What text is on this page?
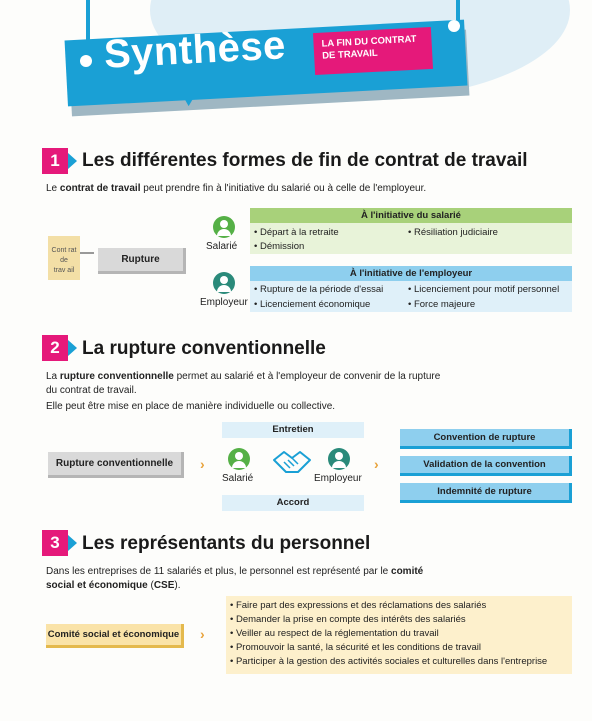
Synthèse	LA FIN DU CONTRAT
DE TRAVAIL
1	Les différentes formes de fin de contrat de travail
Le contrat de travail peut prendre fin à l'initiative du salarié ou à celle de l'employeur.
Cont rat
de
trav ail
Rupture
Salarié
Employeur
À l'initiative du salarié
• Départ à la retraite	• Résiliation judiciaire
• Démission
À l'initiative de l'employeur
• Rupture de la période d'essai	• Licenciement pour motif personnel
• Licenciement économique	• Force majeure
2	La rupture conventionnelle
La rupture conventionnelle permet au salarié et à l'employeur de convenir de la rupture
du contrat de travail.
Elle peut être mise en place de manière individuelle ou collective.
Rupture conventionnelle	›
Entretien
Salarié	Employeur
Accord
›
Convention de rupture
Validation de la convention
Indemnité de rupture
3	Les représentants du personnel
Dans les entreprises de 11 salariés et plus, le personnel est représenté par le comité
social et économique (CSE).
Comité social et économique	›
• Faire part des expressions et des réclamations des salariés
• Demander la prise en compte des intérêts des salariés
• Veiller au respect de la réglementation du travail
• Promouvoir la santé, la sécurité et les conditions de travail
• Participer à la gestion des activités sociales et culturelles dans l'entreprise
